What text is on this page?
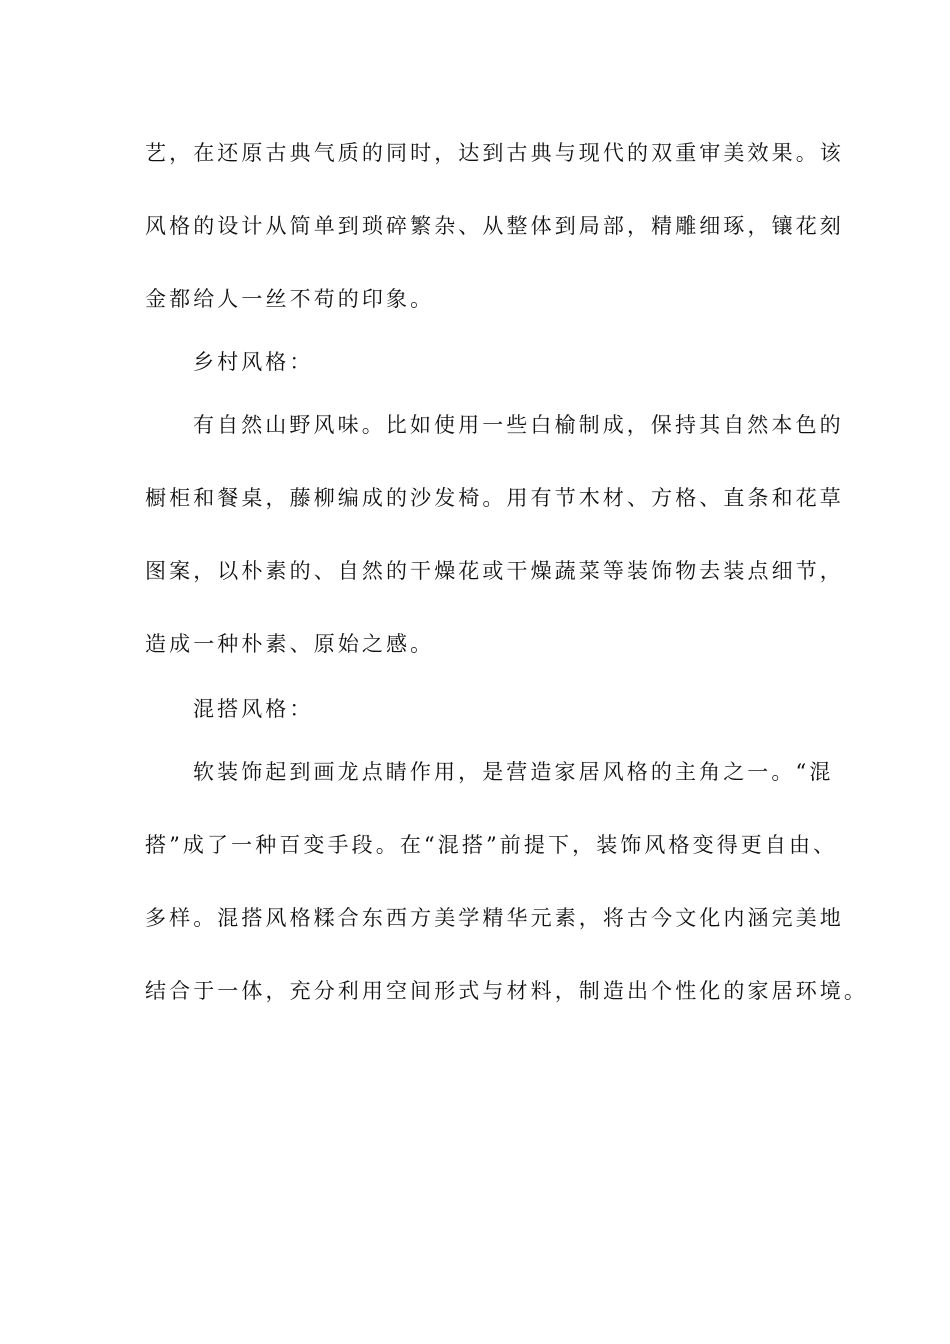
艺，在还原古典气质的同时，达到古典与现代的双重审美效果。该
风格的设计从简单到琐碎繁杂、从整体到局部，精雕细琢，镶花刻
金都给人一丝不苟的印象。
乡村风格：
有自然山野风味。比如使用一些白榆制成，保持其自然本色的
橱柜和餐桌，藤柳编成的沙发椅。用有节木材、方格、直条和花草
图案，以朴素的、自然的干燥花或干燥蔬菜等装饰物去装点细节，
造成一种朴素、原始之感。
混搭风格：
软装饰起到画龙点睛作用，是营造家居风格的主角之一。“混
搭”成了一种百变手段。在“混搭”前提下，装饰风格变得更自由、
多样。混搭风格糅合东西方美学精华元素，将古今文化内涵完美地
结合于一体，充分利用空间形式与材料，制造出个性化的家居环境。
